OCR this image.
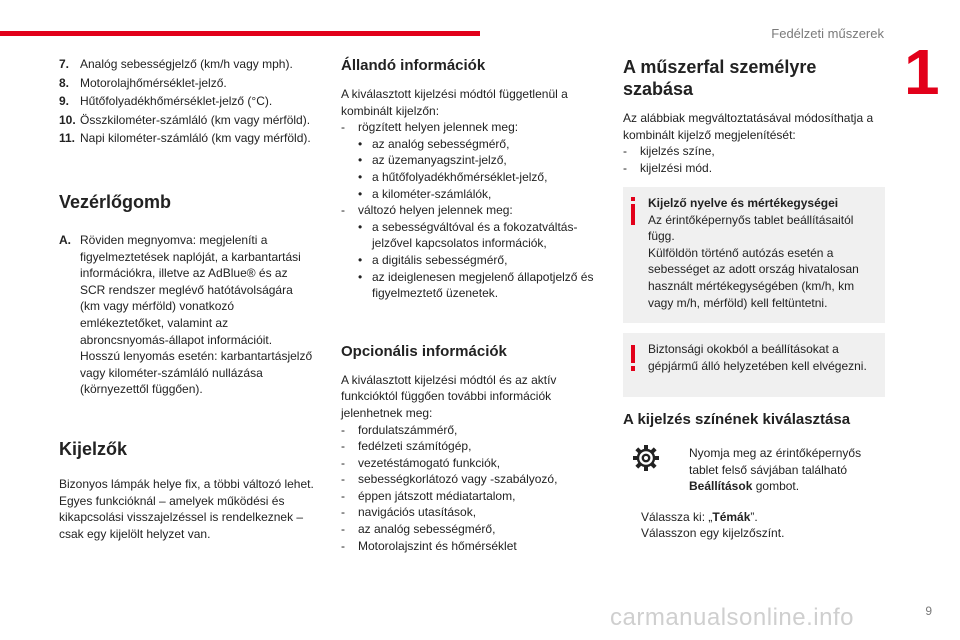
Fedélzeti műszerek
1
7. Analóg sebességjelző (km/h vagy mph).
8. Motorolajhőmérséklet-jelző.
9. Hűtőfolyadékhőmérséklet-jelző (°C).
10. Összkilométer-számláló (km vagy mérföld).
11. Napi kilométer-számláló (km vagy mérföld).
Vezérlőgomb
A. Röviden megnyomva: megjeleníti a figyelmeztetések naplóját, a karbantartási információkra, illetve az AdBlue® és az SCR rendszer meglévő hatótávolságára (km vagy mérföld) vonatkozó emlékeztetőket, valamint az abroncsnyomás-állapot információit. Hosszú lenyomás esetén: karbantartásjelző vagy kilométer-számláló nullázása (környezettől függően).
Kijelzők

Bizonyos lámpák helye fix, a többi változó lehet. Egyes funkcióknál – amelyek működési és kikapcsolási visszajelzéssel is rendelkeznek – csak egy kijelölt helyzet van.

Állandó információk

A kiválasztott kijelzési módtól függetlenül a kombinált kijelzőn:

-	rögzített helyen jelennek meg:
• az analóg sebességmérő,
• az üzemanyagszint-jelző,
• a hűtőfolyadékhőmérséklet-jelző,
• a kilométer-számlálók,
-	változó helyen jelennek meg:
• a sebességváltóval és a fokozatváltás-jelzővel kapcsolatos információk,
• a digitális sebességmérő,
• az ideiglenesen megjelenő állapotjelző és figyelmeztető üzenetek.
Opcionális információk

A kiválasztott kijelzési módtól és az aktív funkcióktól függően további információk jelenhetnek meg:

-	fordulatszámmérő,
-	fedélzeti számítógép,
-	vezetéstámogató funkciók,
-	sebességkorlátozó vagy -szabályozó,
-	éppen játszott médiatartalom,
-	navigációs utasítások,
-	az analóg sebességmérő,
-	Motorolajszint és hőmérséklet
A műszerfal személyre szabása

Az alábbiak megváltoztatásával módosíthatja a kombinált kijelző megjelenítését:

-	kijelzés színe,
-	kijelzési mód.

Kijelző nyelve és mértékegységei

Az érintőképernyős tablet beállításaitól függ.

Külföldön történő autózás esetén a sebességet az adott ország hivatalosan használt mértékegységében (km/h, km vagy m/h, mérföld) kell feltüntetni.

Biztonsági okokból a beállításokat a gépjármű álló helyzetében kell elvégezni.

A kijelzés színének kiválasztása
Nyomja meg az érintőképernyős tablet felső sávjában található Beállítások gombot.
Válassza ki: „Témák”.
Válasszon egy kijelzőszínt.
carmanualsonline.info	9
